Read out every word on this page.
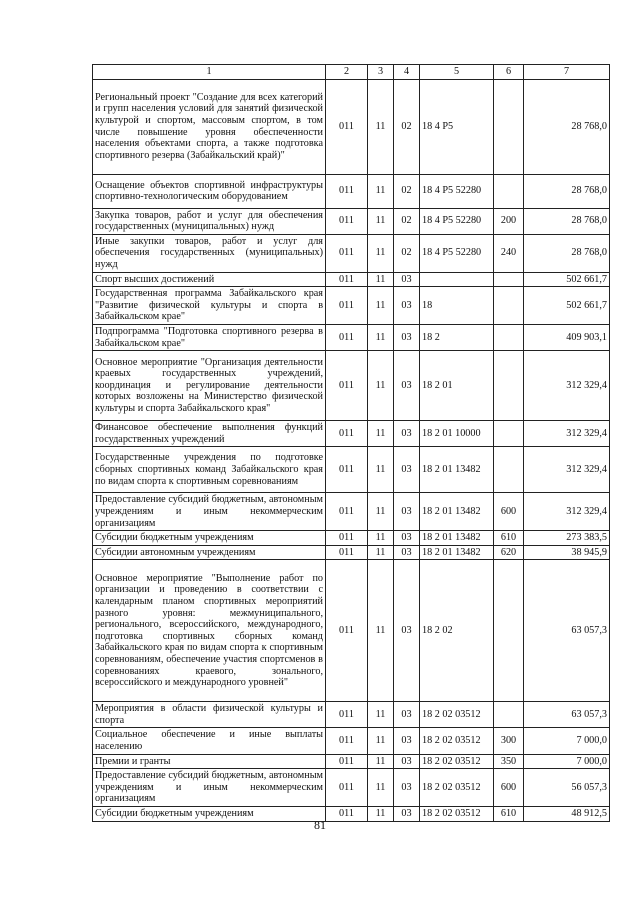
1	2	3	4	5	6	7
Региональный проект "Создание для всех категорий и групп населения условий для занятий физической культурой и спортом, массовым спортом, в том числе повышение уровня обеспеченности населения объектами спорта, а также подготовка спортивного резерва (Забайкальский край)"	011	11	02	18 4 P5		28 768,0
Оснащение объектов спортивной инфраструктуры спортивно-технологическим оборудованием	011	11	02	18 4 P5 52280		28 768,0
Закупка товаров, работ и услуг для обеспечения государственных (муниципальных) нужд	011	11	02	18 4 P5 52280	200	28 768,0
Иные закупки товаров, работ и услуг для обеспечения государственных (муниципальных) нужд	011	11	02	18 4 P5 52280	240	28 768,0
Спорт высших достижений	011	11	03			502 661,7
Государственная программа Забайкальского края "Развитие физической культуры и спорта в Забайкальском крае"	011	11	03	18		502 661,7
Подпрограмма "Подготовка спортивного резерва в Забайкальском крае"	011	11	03	18 2		409 903,1
Основное мероприятие "Организация деятельности краевых государственных учреждений, координация и регулирование деятельности которых возложены на Министерство физической культуры и спорта Забайкальского края"	011	11	03	18 2 01		312 329,4
Финансовое обеспечение выполнения функций государственных учреждений	011	11	03	18 2 01 10000		312 329,4
Государственные учреждения по подготовке сборных спортивных команд Забайкальского края по видам спорта к спортивным соревнованиям	011	11	03	18 2 01 13482		312 329,4
Предоставление субсидий бюджетным, автономным учреждениям и иным некоммерческим организациям	011	11	03	18 2 01 13482	600	312 329,4
Субсидии бюджетным учреждениям	011	11	03	18 2 01 13482	610	273 383,5
Субсидии автономным учреждениям	011	11	03	18 2 01 13482	620	38 945,9
Основное мероприятие "Выполнение работ по организации и проведению в соответствии с календарным планом спортивных мероприятий разного уровня: межмуниципального, регионального, всероссийского, международного, подготовка спортивных сборных команд Забайкальского края по видам спорта к спортивным соревнованиям, обеспечение участия спортсменов в соревнованиях краевого, зонального, всероссийского и международного уровней"	011	11	03	18 2 02		63 057,3
Мероприятия в области физической культуры и спорта	011	11	03	18 2 02 03512		63 057,3
Социальное обеспечение и иные выплаты населению	011	11	03	18 2 02 03512	300	7 000,0
Премии и гранты	011	11	03	18 2 02 03512	350	7 000,0
Предоставление субсидий бюджетным, автономным учреждениям и иным некоммерческим организациям	011	11	03	18 2 02 03512	600	56 057,3
Субсидии бюджетным учреждениям	011	11	03	18 2 02 03512	610	48 912,5
81
